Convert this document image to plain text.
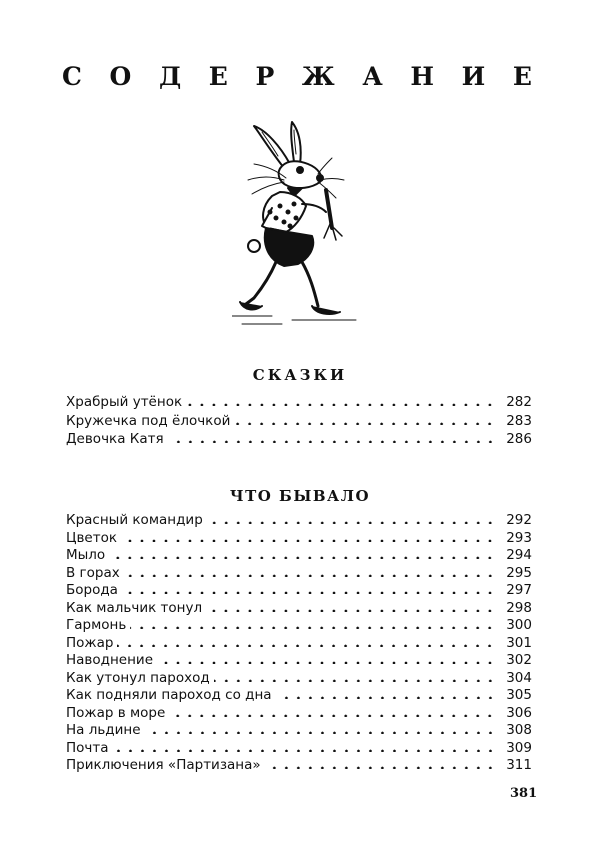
С О Д Е Р Ж А Н И Е
СКАЗКИ
Храбрый утёнок	282
Кружечка под ёлочкой	283
Девочка Катя	286
ЧТО БЫВАЛО
Красный командир	292
Цветок	293
Мыло	294
В горах	295
Борода	297
Как мальчик тонул	298
Гармонь	300
Пожар	301
Наводнение	302
Как утонул пароход	304
Как подняли пароход со дна	305
Пожар в море	306
На льдине	308
Почта	309
Приключения «Партизана»	311
381
